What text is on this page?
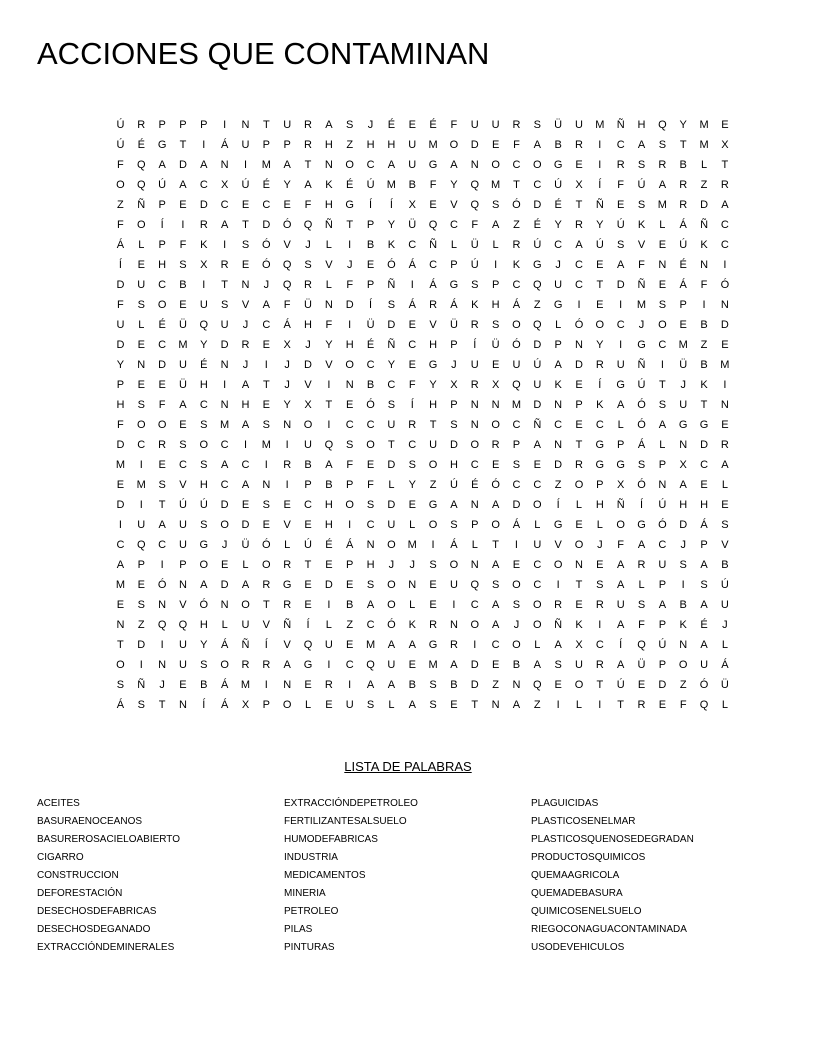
ACCIONES QUE CONTAMINAN
Ú	R	P	P	P	I	N	T	U	R	A	S	J	É	E	É	F	U	U	R	S	Ü	U	M	Ñ	H	Q	Y	M	E
Ú	É	G	T	I	Á	U	P	P	R	H	Z	H	H	U	M	O	D	E	F	A	B	R	I	C	A	S	T	M	X
F	Q	A	D	A	N	I	M	A	T	N	O	C	A	U	G	A	N	O	C	O	G	E	I	R	S	R	B	L	T
O	Q	Ú	A	C	X	Ú	É	Y	A	K	É	Ú	M	B	F	Y	Q	M	T	C	Ú	X	Í	F	Ú	A	R	Z	R
Z	Ñ	P	E	D	C	E	C	E	F	H	G	Í	Í	X	E	V	Q	S	Ó	D	É	T	Ñ	E	S	M	R	D	A
F	O	Í	I	R	A	T	D	Ó	Q	Ñ	T	P	Y	Ü	Q	C	F	A	Z	É	Y	R	Y	Ú	K	L	Á	Ñ	C
Á	L	P	F	K	I	S	Ó	V	J	L	I	B	K	C	Ñ	L	Ü	L	R	Ú	C	A	Ú	S	V	E	Ú	K	C
Í	E	H	S	X	R	E	Ó	Q	S	V	J	E	Ó	Á	C	P	Ú	I	K	G	J	C	E	A	F	N	É	N	I
D	U	C	B	I	T	N	J	Q	R	L	F	P	Ñ	I	Á	G	S	P	C	Q	U	C	T	D	Ñ	E	Á	F	Ó
F	S	O	E	U	S	V	A	F	Ü	N	D	Í	S	Á	R	Á	K	H	Á	Z	G	I	E	I	M	S	P	I	N
U	L	É	Ü	Q	U	J	C	Á	H	F	I	Ü	D	E	V	Ü	R	S	O	Q	L	Ó	O	C	J	O	E	B	D
D	E	C	M	Y	D	R	E	X	J	Y	H	É	Ñ	C	H	P	Í	Ü	Ó	D	P	N	Y	I	G	C	M	Z	E
Y	N	D	U	É	N	J	I	J	D	V	O	C	Y	E	G	J	U	E	U	Ú	A	D	R	U	Ñ	I	Ü	B	M
P	E	E	Ü	H	I	A	T	J	V	I	N	B	C	F	Y	X	R	X	Q	U	K	E	Í	G	Ú	T	J	K	I
H	S	F	A	C	N	H	E	Y	X	T	E	Ó	S	Í	H	P	N	N	M	D	N	P	K	A	Ó	S	U	T	N
F	O	O	E	S	M	A	S	N	O	I	C	C	U	R	T	S	N	O	C	Ñ	C	E	C	L	Ó	A	G	G	E
D	C	R	S	O	C	I	M	I	U	Q	S	O	T	C	U	D	O	R	P	A	N	T	G	P	Á	L	N	D	R
M	I	E	C	S	A	C	I	R	B	A	F	E	D	S	O	H	C	E	S	E	D	R	G	G	S	P	X	C	A
E	M	S	V	H	C	A	N	I	P	B	P	F	L	Y	Z	Ú	É	Ó	C	C	Z	O	P	X	Ó	N	A	E	L
D	I	T	Ú	Ú	D	E	S	E	C	H	O	S	D	E	G	A	N	A	D	O	Í	L	H	Ñ	Í	Ú	H	H	E
I	U	A	U	S	O	D	E	V	E	H	I	C	U	L	O	S	P	O	Á	L	G	E	L	O	G	Ó	D	Á	S
C	Q	C	U	G	J	Ü	Ó	L	Ú	É	Á	N	O	M	I	Á	L	T	I	U	V	O	J	F	A	C	J	P	V
A	P	I	P	O	E	L	O	R	T	E	P	H	J	J	S	O	N	A	E	C	O	N	E	A	R	U	S	A	B
M	E	Ó	N	A	D	A	R	G	E	D	E	S	O	N	E	U	Q	S	O	C	I	T	S	A	L	P	I	S	Ú
E	S	N	V	Ó	N	O	T	R	E	I	B	A	O	L	E	I	C	A	S	O	R	E	R	U	S	A	B	A	U
N	Z	Q	Q	H	L	U	V	Ñ	Í	L	Z	C	Ó	K	R	N	O	A	J	O	Ñ	K	I	A	F	P	K	É	J
T	D	I	U	Y	Á	Ñ	Í	V	Q	U	E	M	A	A	G	R	I	C	O	L	A	X	C	Í	Q	Ú	N	A	L
O	I	N	U	S	O	R	R	A	G	I	C	Q	U	E	M	A	D	E	B	A	S	U	R	A	Ü	P	O	U	Á
S	Ñ	J	E	B	Á	M	I	N	E	R	I	A	A	B	S	B	D	Z	N	Q	E	O	T	Ú	E	D	Z	Ó	Ü
Á	S	T	N	Í	Á	X	P	O	L	E	U	S	L	A	S	E	T	N	A	Z	I	L	I	T	R	E	F	Q	L
LISTA DE PALABRAS
ACEITES
BASURAENOCEANOS
BASUREROSACIELOABIERTO
CIGARRO
CONSTRUCCION
DEFORESTACIÓN
DESECHOSDEFABRICAS
DESECHOSDEGANADO
EXTRACCIÓNDEMINERALES
EXTRACCIÓNDEPETROLEO
FERTILIZANTESALSUELO
HUMODEFABRICAS
INDUSTRIA
MEDICAMENTOS
MINERIA
PETROLEO
PILAS
PINTURAS
PLAGUICIDAS
PLASTICOSENELMAR
PLASTICOSQUENOSEDEGRADAN
PRODUCTOSQUIMICOS
QUEMAAGRICOLA
QUEMADEBASURA
QUIMICOSENELSUELO
RIEGOCONAGUACONTAMINADA
USODEVEHICULOS
